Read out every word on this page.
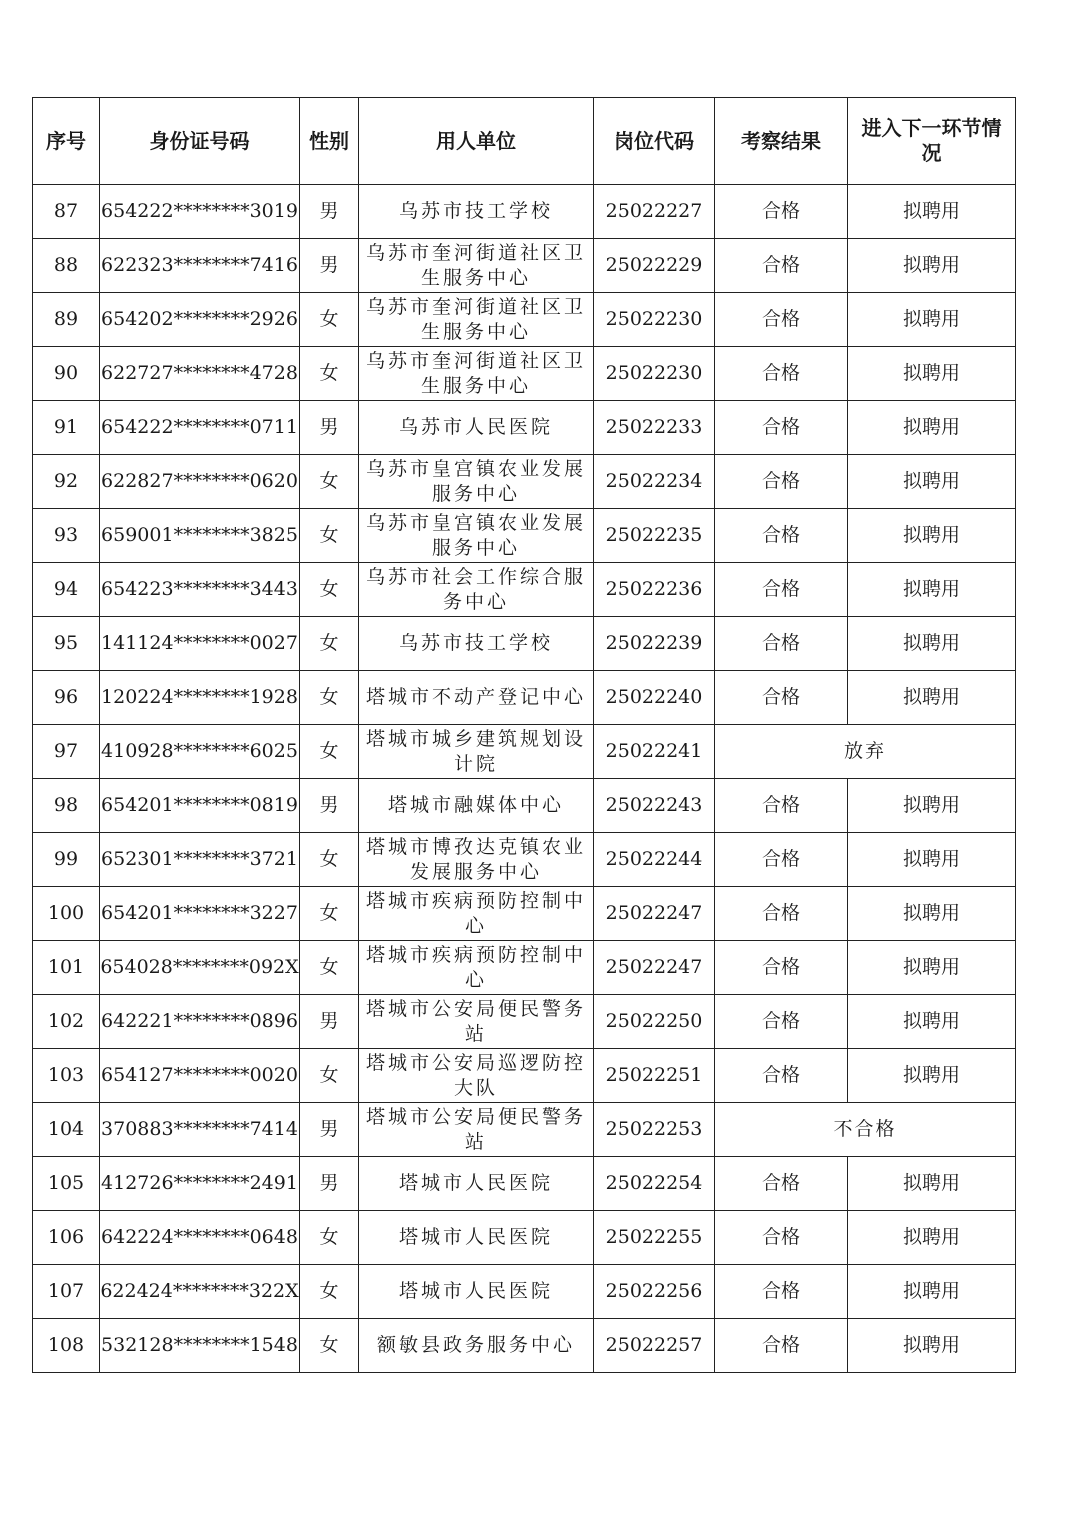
序号	身份证号码	性别	用人单位	岗位代码	考察结果	进入下一环节情况
87	654222********3019	男	乌苏市技工学校	25022227	合格	拟聘用
88	622323********7416	男	乌苏市奎河街道社区卫生服务中心	25022229	合格	拟聘用
89	654202********2926	女	乌苏市奎河街道社区卫生服务中心	25022230	合格	拟聘用
90	622727********4728	女	乌苏市奎河街道社区卫生服务中心	25022230	合格	拟聘用
91	654222********0711	男	乌苏市人民医院	25022233	合格	拟聘用
92	622827********0620	女	乌苏市皇宫镇农业发展服务中心	25022234	合格	拟聘用
93	659001********3825	女	乌苏市皇宫镇农业发展服务中心	25022235	合格	拟聘用
94	654223********3443	女	乌苏市社会工作综合服务中心	25022236	合格	拟聘用
95	141124********0027	女	乌苏市技工学校	25022239	合格	拟聘用
96	120224********1928	女	塔城市不动产登记中心	25022240	合格	拟聘用
97	410928********6025	女	塔城市城乡建筑规划设计院	25022241	放弃	
98	654201********0819	男	塔城市融媒体中心	25022243	合格	拟聘用
99	652301********3721	女	塔城市博孜达克镇农业发展服务中心	25022244	合格	拟聘用
100	654201********3227	女	塔城市疾病预防控制中心	25022247	合格	拟聘用
101	654028********092X	女	塔城市疾病预防控制中心	25022247	合格	拟聘用
102	642221********0896	男	塔城市公安局便民警务站	25022250	合格	拟聘用
103	654127********0020	女	塔城市公安局巡逻防控大队	25022251	合格	拟聘用
104	370883********7414	男	塔城市公安局便民警务站	25022253	不合格	
105	412726********2491	男	塔城市人民医院	25022254	合格	拟聘用
106	642224********0648	女	塔城市人民医院	25022255	合格	拟聘用
107	622424********322X	女	塔城市人民医院	25022256	合格	拟聘用
108	532128********1548	女	额敏县政务服务中心	25022257	合格	拟聘用
